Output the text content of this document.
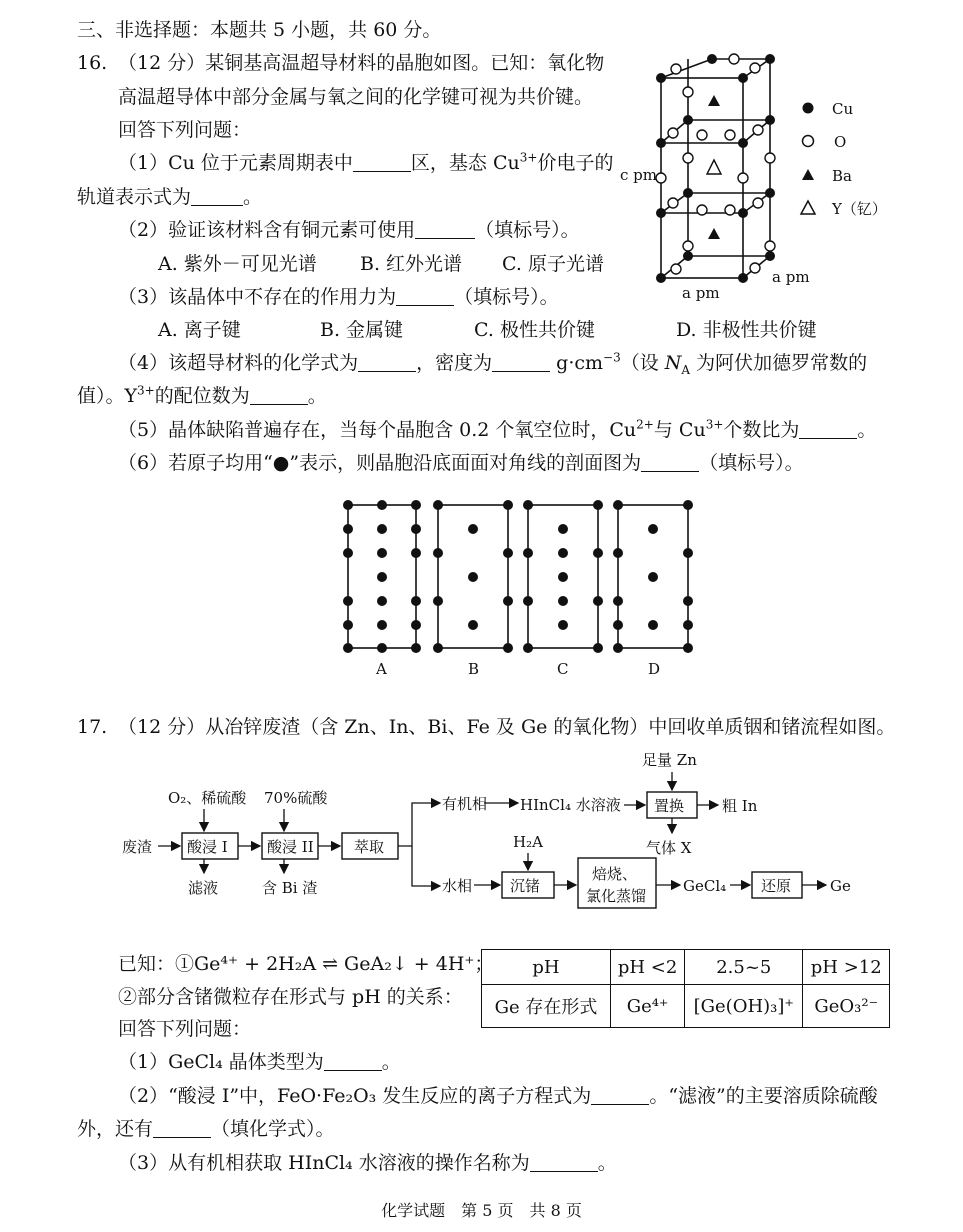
三、非选择题：本题共 5 小题，共 60 分。
16. （12 分）某铜基高温超导材料的晶胞如图。已知：氧化物
高温超导体中部分金属与氧之间的化学键可视为共价键。
回答下列问题：
（1）Cu 位于元素周期表中	区，基态 $Cu^{3+}$价电子的
轨道表示式为	。
（2）验证该材料含有铜元素可使用	（填标号）。
A. 紫外－可见光谱 B. 红外光谱 C. 原子光谱
（3）该晶体中不存在的作用力为	（填标号）。
A. 离子键	B. 金属键	C. 极性共价键	D. 非极性共价键
（4）该超导材料的化学式为	，密度为	$g\cdot cm^{-3}$（设 $N_A$ 为阿伏加德罗常数的
值）。$Y^{3+}$的配位数为	。
（5）晶体缺陷普遍存在，当每个晶胞含 0.2 个氧空位时，$Cu^{2+}$与 $Cu^{3+}$个数比为	。
（6）若原子均用“●”表示，则晶胞沿底面面对角线的剖面图为	（填标号）。
c pm
a pm
a pm
Cu
O
Ba
Y（钇）
A	B	C	D
17. （12 分）从冶锌废渣（含 Zn、In、Bi、Fe 及 Ge 的氧化物）中回收单质铟和锗流程如图。
废渣
O₂、稀硫酸 70%硫酸
酸浸 I	酸浸 II	萃取
滤液	含 Bi 渣
有机相 HInCl₄ 水溶液
足量 Zn
置换	粗 In
气体 X
水相
H₂A
沉锗
焙烧、
氯化蒸馏
GeCl₄ 还原	Ge
已知：①Ge⁴⁺ + 2H₂A ⇌ GeA₂↓ + 4H⁺；
②部分含锗微粒存在形式与 pH 的关系：
pH	pH <2	2.5~5	pH >12
Ge 存在形式	Ge⁴⁺	[Ge(OH)₃]⁺	GeO₃²⁻
回答下列问题：
（1）GeCl₄ 晶体类型为	。
（2）“酸浸 I”中，FeO·Fe₂O₃ 发生反应的离子方程式为	。“滤液”的主要溶质除硫酸
外，还有	（填化学式）。
（3）从有机相获取 HInCl₄ 水溶液的操作名称为	。
化学试题　第 5 页　共 8 页
